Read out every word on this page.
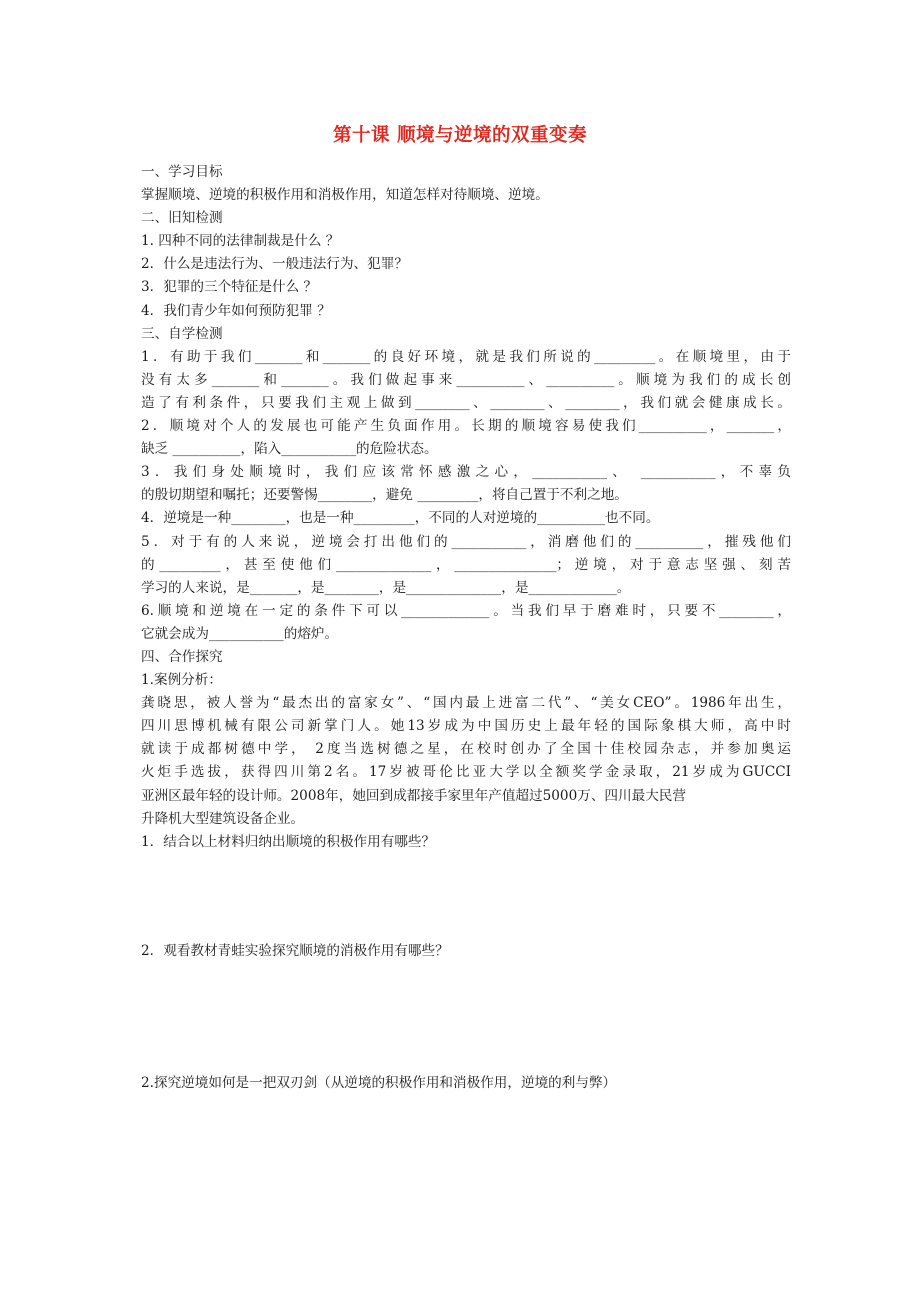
第十课 顺境与逆境的双重变奏
一、学习目标
掌握顺境、逆境的积极作用和消极作用，知道怎样对待顺境、逆境。
二、旧知检测
1. 四种不同的法律制裁是什么 ？
2．什么是违法行为、一般违法行为、犯罪？
3．犯罪的三个特征是什么 ？
4．我们青少年如何预防犯罪 ？
三、自学检测
1．有助于我们_______和_______的良好环境，就是我们所说的_________。在顺境里，由于
没有太多_______和_______。我们做起事来__________、__________。顺境为我们的成长创
造了有利条件，只要我们主观上做到________、________、________，我们就会健康成长。
2．顺境对个人的发展也可能产生负面作用。长期的顺境容易使我们__________，_______，
缺乏 __________，陷入___________的危险状态。
3．我们身处顺境时，我们应该常怀感激之心，___________、 ___________，不辜负
的殷切期望和嘱托；还要警惕________，避免 _________，将自己置于不利之地。
4．逆境是一种________，也是一种_________，不同的人对逆境的__________也不同。
5．对于有的人来说，逆境会打出他们的___________，消磨他们的__________，摧残他们
的_________，甚至使他们______________，_______________；逆境，对于意志坚强、刻苦
学习的人来说，是_______，是________，是______________，是_____________。
6.顺境和逆境在一定的条件下可以_____________。当我们早于磨难时，只要不________，
它就会成为___________的熔炉。
四、合作探究
1.案例分析：
龚晓思，被人誉为“最杰出的富家女”、“国内最上进富二代”、“美女CEO”。1986年出生，
四川思博机械有限公司新掌门人。她13岁成为中国历史上最年轻的国际象棋大师，高中时
就读于成都树德中学， 2度当选树德之星，在校时创办了全国十佳校园杂志，并参加奥运
火炬手选拔，获得四川第2名。17岁被哥伦比亚大学以全额奖学金录取，21岁成为GUCCI
亚洲区最年轻的设计师。2008年，她回到成都接手家里年产值超过5000万、四川最大民营
升降机大型建筑设备企业。
1．结合以上材料归纳出顺境的积极作用有哪些？
2．观看教材青蛙实验探究顺境的消极作用有哪些？
2.探究逆境如何是一把双刃剑（从逆境的积极作用和消极作用，逆境的利与弊）
